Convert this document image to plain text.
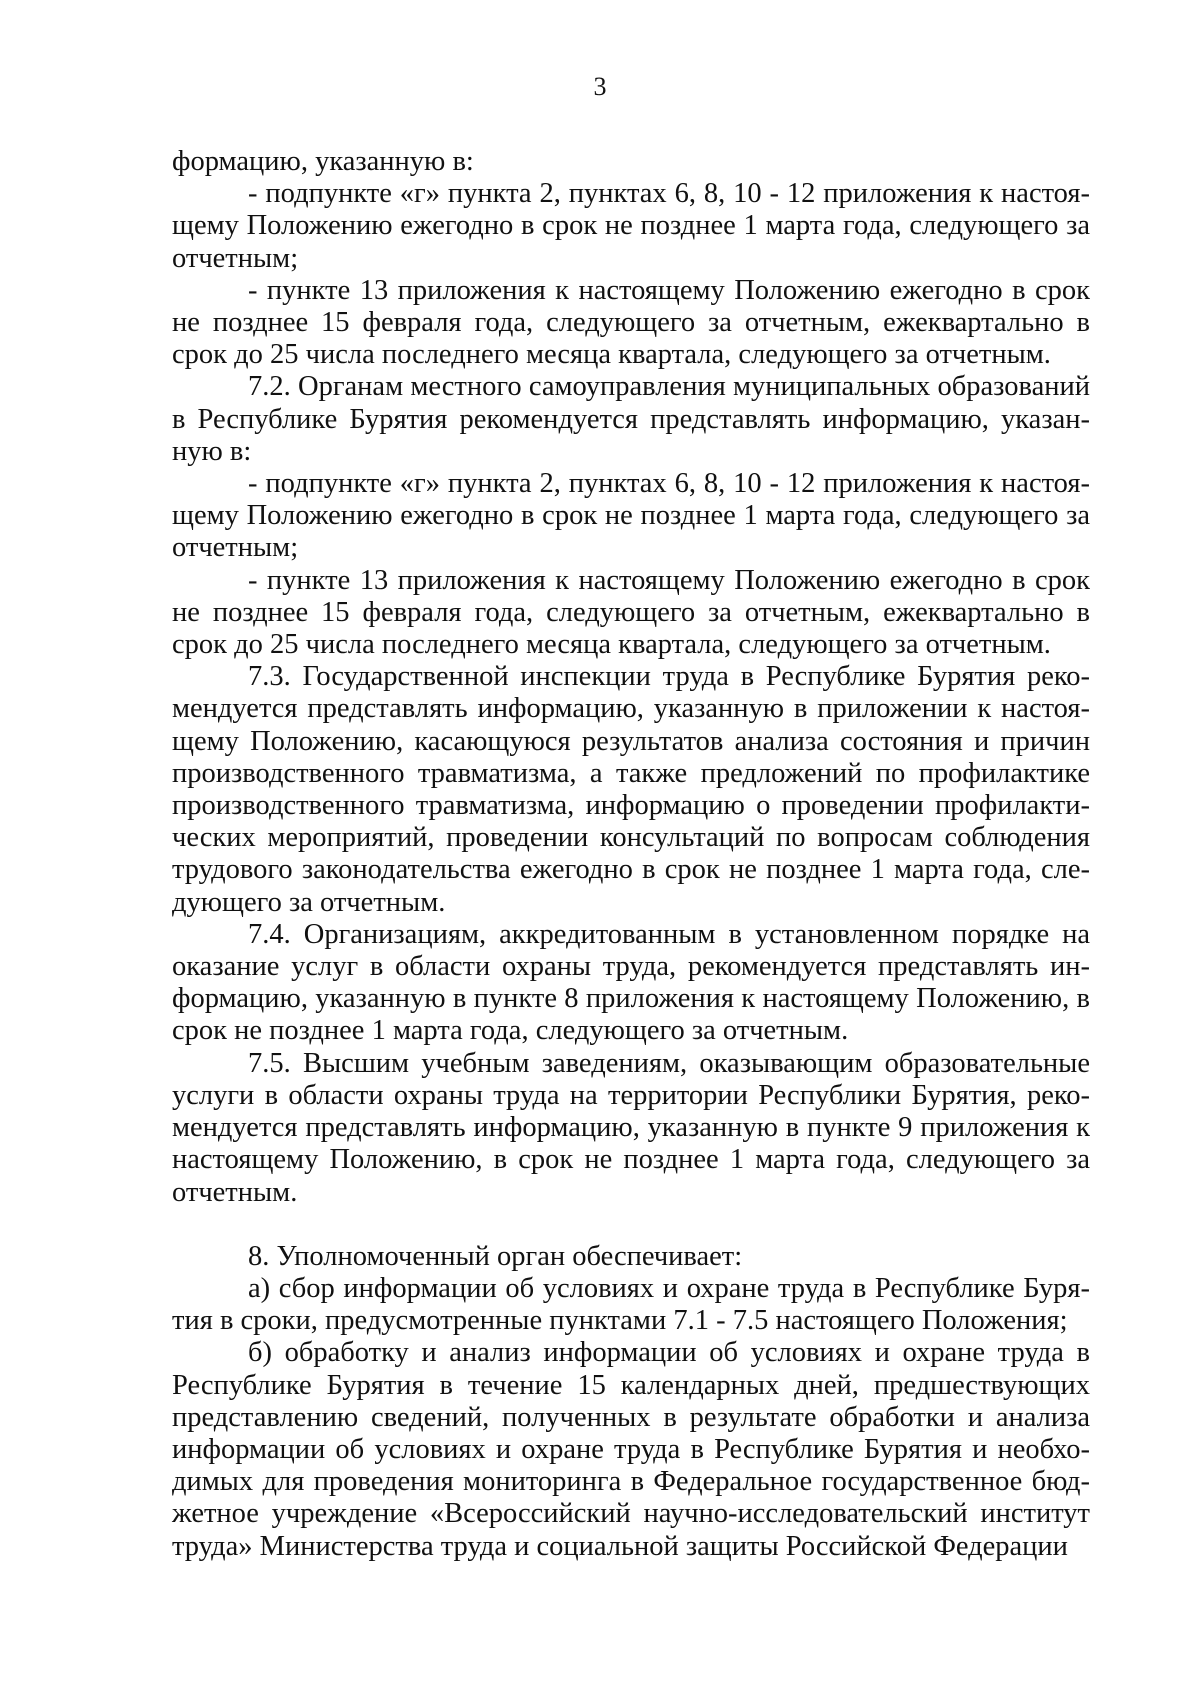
3

формацию, указанную в:

- подпункте «г» пункта 2, пунктах 6, 8, 10 - 12 приложения к настоящему Положению ежегодно в срок не позднее 1 марта года, следующего за отчетным;

- пункте 13 приложения к настоящему Положению ежегодно в срок не позднее 15 февраля года, следующего за отчетным, ежеквартально в срок до 25 числа последнего месяца квартала, следующего за отчетным.

7.2. Органам местного самоуправления муниципальных образований в Республике Бурятия рекомендуется представлять информацию, указанную в:

- подпункте «г» пункта 2, пунктах 6, 8, 10 - 12 приложения к настоящему Положению ежегодно в срок не позднее 1 марта года, следующего за отчетным;

- пункте 13 приложения к настоящему Положению ежегодно в срок не позднее 15 февраля года, следующего за отчетным, ежеквартально в срок до 25 числа последнего месяца квартала, следующего за отчетным.

7.3. Государственной инспекции труда в Республике Бурятия рекомендуется представлять информацию, указанную в приложении к настоящему Положению, касающуюся результатов анализа состояния и причин производственного травматизма, а также предложений по профилактике производственного травматизма, информацию о проведении профилактических мероприятий, проведении консультаций по вопросам соблюдения трудового законодательства ежегодно в срок не позднее 1 марта года, следующего за отчетным.

7.4. Организациям, аккредитованным в установленном порядке на оказание услуг в области охраны труда, рекомендуется представлять информацию, указанную в пункте 8 приложения к настоящему Положению, в срок не позднее 1 марта года, следующего за отчетным.

7.5. Высшим учебным заведениям, оказывающим образовательные услуги в области охраны труда на территории Республики Бурятия, рекомендуется представлять информацию, указанную в пункте 9 приложения к настоящему Положению, в срок не позднее 1 марта года, следующего за отчетным.

8. Уполномоченный орган обеспечивает:

а) сбор информации об условиях и охране труда в Республике Бурятия в сроки, предусмотренные пунктами 7.1 - 7.5 настоящего Положения;

б) обработку и анализ информации об условиях и охране труда в Республике Бурятия в течение 15 календарных дней, предшествующих представлению сведений, полученных в результате обработки и анализа информации об условиях и охране труда в Республике Бурятия и необходимых для проведения мониторинга в Федеральное государственное бюджетное учреждение «Всероссийский научно-исследовательский институт труда» Министерства труда и социальной защиты Российской Федерации
